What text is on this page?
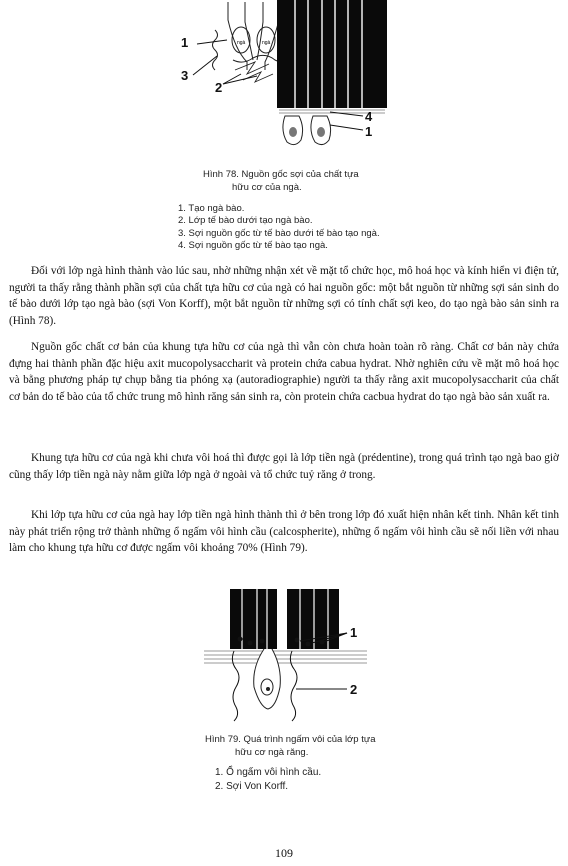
ngà	ngà
1
3
2
4
1
Hình 78. Nguồn gốc sợi của chất tựa
hữu cơ của ngà.
1. Tạo ngà bào.
2. Lớp tế bào dưới tạo ngà bào.
3. Sợi nguồn gốc từ tế bào dưới tế bào tạo ngà.
4. Sợi nguồn gốc từ tế bào tạo ngà.

Đối với lớp ngà hình thành vào lúc sau, nhờ những nhận xét về mặt tổ chức học, mô hoá học và kính hiển vi điện tử, người ta thấy rằng thành phần sợi của chất tựa hữu cơ của ngà có hai nguồn gốc: một bắt nguồn từ những sợi sản sinh do tế bào dưới lớp tạo ngà bào (sợi Von Korff), một bắt nguồn từ những sợi có tính chất sợi keo, do tạo ngà bào sản sinh ra (Hình 78).

Nguồn gốc chất cơ bản của khung tựa hữu cơ của ngà thì vẫn còn chưa hoàn toàn rõ ràng. Chất cơ bản này chứa đựng hai thành phần đặc hiệu axit mucopolysaccharit và protein chứa cabua hydrat. Nhờ nghiên cứu về mặt mô hoá học và bằng phương pháp tự chụp bằng tia phóng xạ (autoradiographie) người ta thấy rằng axit mucopolysaccharit của chất cơ bản do tế bào của tổ chức trung mô hình răng sản sinh ra, còn protein chứa cacbua hydrat do tạo ngà bào sản xuất ra.

Khung tựa hữu cơ của ngà khi chưa vôi hoá thì được gọi là lớp tiền ngà (prédentine), trong quá trình tạo ngà bao giờ cũng thấy lớp tiền ngà này nằm giữa lớp ngà ở ngoài và tổ chức tuỷ răng ở trong.

Khi lớp tựa hữu cơ của ngà hay lớp tiền ngà hình thành thì ở bên trong lớp đó xuất hiện nhân kết tinh. Nhân kết tinh này phát triển rộng trở thành những ổ ngấm vôi hình cầu (calcospherite), những ổ ngấm vôi hình cầu sẽ nối liền với nhau làm cho khung tựa hữu cơ được ngấm vôi khoảng 70% (Hình 79).

1
2
Hình 79. Quá trình ngấm vôi của lớp tựa
hữu cơ ngà răng.
1. Ổ ngấm vôi hình cầu.
2. Sợi Von Korff.
109
